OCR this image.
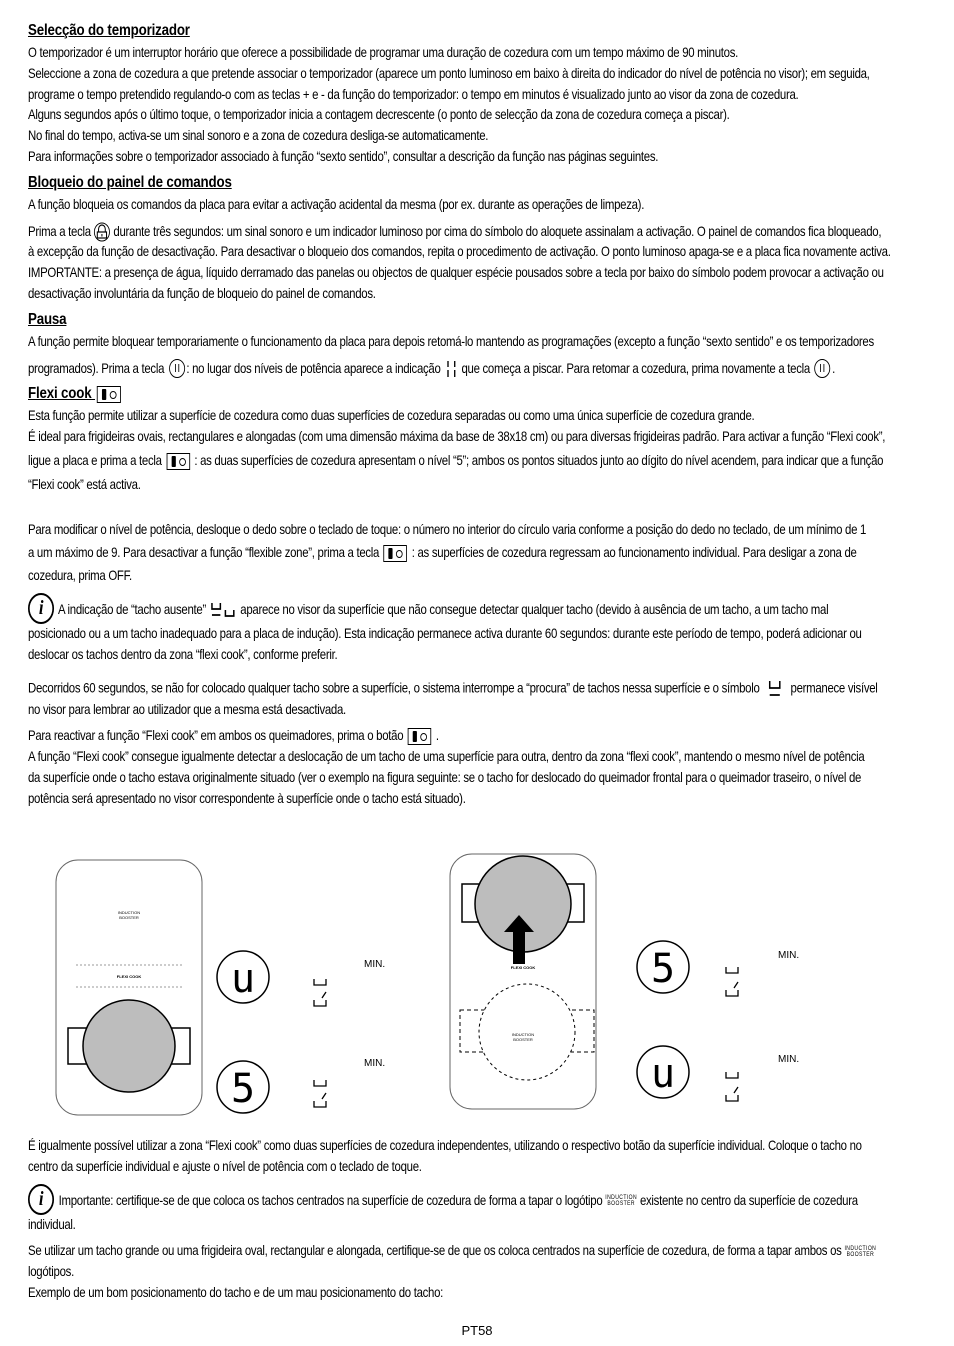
Selecção do temporizador

O temporizador é um interruptor horário que oferece a possibilidade de programar uma duração de cozedura com um tempo máximo de 90 minutos.

Seleccione a zona de cozedura a que pretende associar o temporizador (aparece um ponto luminoso em baixo à direita do indicador do nível de potência no visor); em seguida,

programe o tempo pretendido regulando-o com as teclas + e - da função do temporizador: o tempo em minutos é visualizado junto ao visor da zona de cozedura.

Alguns segundos após o último toque, o temporizador inicia a contagem decrescente (o ponto de selecção da zona de cozedura começa a piscar).

No final do tempo, activa-se um sinal sonoro e a zona de cozedura desliga-se automaticamente.

Para informações sobre o temporizador associado à função “sexto sentido”, consultar a descrição da função nas páginas seguintes.

Bloqueio do painel de comandos

A função bloqueia os comandos da placa para evitar a activação acidental da mesma (por ex. durante as operações de limpeza).

Prima a tecla durante três segundos: um sinal sonoro e um indicador luminoso por cima do símbolo do aloquete assinalam a activação. O painel de comandos fica bloqueado,

à excepção da função de desactivação. Para desactivar o bloqueio dos comandos, repita o procedimento de activação. O ponto luminoso apaga-se e a placa fica novamente activa.

IMPORTANTE: a presença de água, líquido derramado das panelas ou objectos de qualquer espécie pousados sobre a tecla por baixo do símbolo podem provocar a activação ou

desactivação involuntária da função de bloqueio do painel de comandos.

Pausa

A função permite bloquear temporariamente o funcionamento da placa para depois retomá-lo mantendo as programações (excepto a função “sexto sentido” e os temporizadores

programados). Prima a tecla : no lugar dos níveis de potência aparece a indicação que começa a piscar. Para retomar a cozedura, prima novamente a tecla .

Flexi cook

Esta função permite utilizar a superfície de cozedura como duas superfícies de cozedura separadas ou como uma única superfície de cozedura grande.

É ideal para frigideiras ovais, rectangulares e alongadas (com uma dimensão máxima da base de 38x18 cm) ou para diversas frigideiras padrão. Para activar a função “Flexi cook”,

ligue a placa e prima a tecla : as duas superfícies de cozedura apresentam o nível “5”; ambos os pontos situados junto ao dígito do nível acendem, para indicar que a função

“Flexi cook” está activa.

Para modificar o nível de potência, desloque o dedo sobre o teclado de toque: o número no interior do círculo varia conforme a posição do dedo no teclado, de um mínimo de 1

a um máximo de 9. Para desactivar a função “flexible zone”, prima a tecla : as superfícies de cozedura regressam ao funcionamento individual. Para desligar a zona de

cozedura, prima OFF.

i A indicação de “tacho ausente”	aparece no visor da superfície que não consegue detectar qualquer tacho (devido à ausência de um tacho, a um tacho mal

posicionado ou a um tacho inadequado para a placa de indução). Esta indicação permanece activa durante 60 segundos: durante este período de tempo, poderá adicionar ou

deslocar os tachos dentro da zona “flexi cook”, conforme preferir.

Decorridos 60 segundos, se não for colocado qualquer tacho sobre a superfície, o sistema interrompe a “procura” de tachos nessa superfície e o símbolo permanece visível

no visor para lembrar ao utilizador que a mesma está desactivada.

Para reactivar a função “Flexi cook” em ambos os queimadores, prima o botão .

A função “Flexi cook” consegue igualmente detectar a deslocação de um tacho de uma superfície para outra, dentro da zona “flexi cook”, mantendo o mesmo nível de potência

da superfície onde o tacho estava originalmente situado (ver o exemplo na figura seguinte: se o tacho for deslocado do queimador frontal para o queimador traseiro, o nível de

potência será apresentado no visor correspondente à superfície onde o tacho está situado).

INDUCTION
BOOSTER
FLEXI COOK u
5
MIN.
MIN.
FLEXI COOK
INDUCTION
BOOSTER
5
u
MIN.
MIN.

É igualmente possível utilizar a zona “Flexi cook” como duas superfícies de cozedura independentes, utilizando o respectivo botão da superfície individual. Coloque o tacho no

centro da superfície individual e ajuste o nível de potência com o teclado de toque.

i Importante: certifique-se de que coloca os tachos centrados na superfície de cozedura de forma a tapar o logótipo INDUCTION
BOOSTER existente no centro da superfície de cozedura

individual.

Se utilizar um tacho grande ou uma frigideira oval, rectangular e alongada, certifique-se de que os coloca centrados na superfície de cozedura, de forma a tapar ambos os INDUCTION
BOOSTER

logótipos.

Exemplo de um bom posicionamento do tacho e de um mau posicionamento do tacho:

PT58
